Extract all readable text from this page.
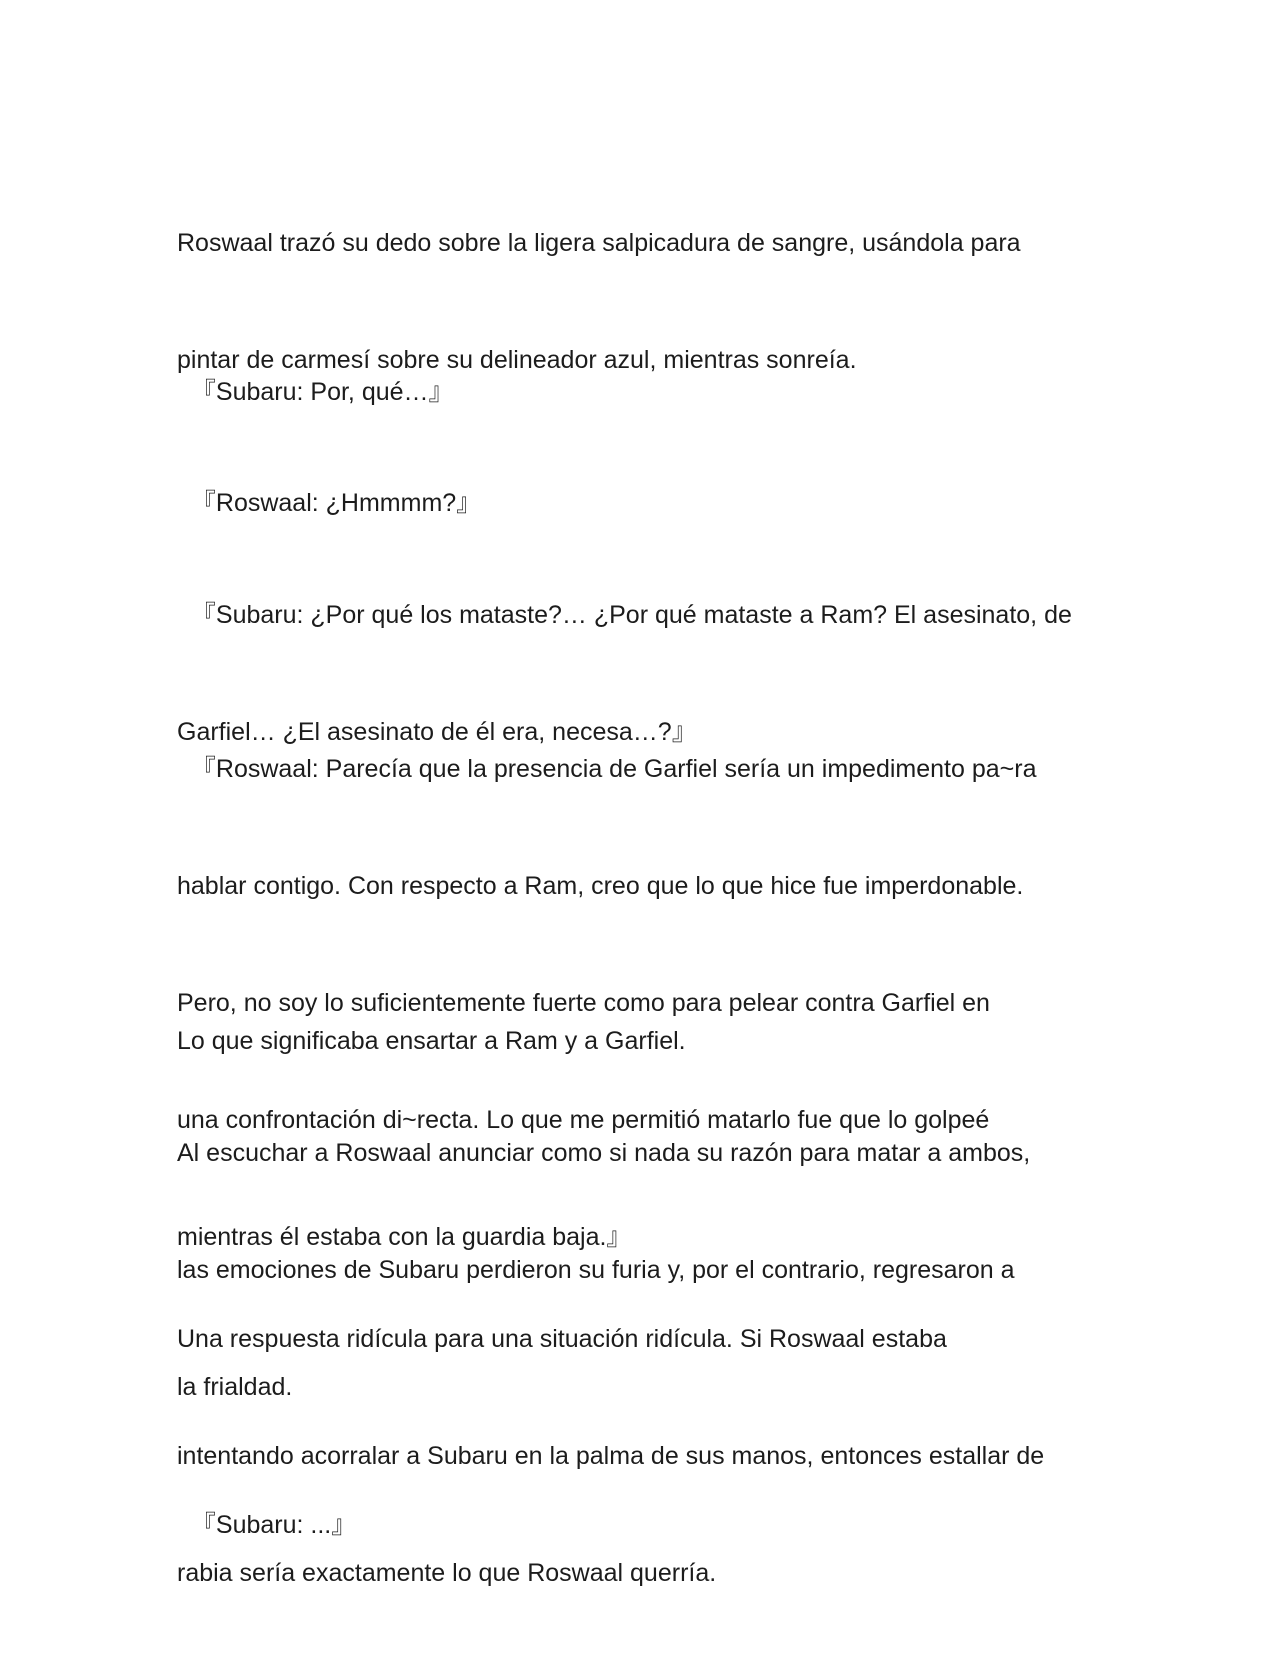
Roswaal trazó su dedo sobre la ligera salpicadura de sangre, usándola para

pintar de carmesí sobre su delineador azul, mientras sonreía.

『Subaru: Por, qué…』

『Roswaal: ¿Hmmmm?』

『Subaru: ¿Por qué los mataste?… ¿Por qué mataste a Ram? El asesinato, de

Garfiel… ¿El asesinato de él era, necesa…?』

『Roswaal: Parecía que la presencia de Garfiel sería un impedimento pa~ra

hablar contigo. Con respecto a Ram, creo que lo que hice fue imperdonable.

Pero, no soy lo suficientemente fuerte como para pelear contra Garfiel en

una confrontación di~recta. Lo que me permitió matarlo fue que lo golpeé

mientras él estaba con la guardia baja.』

Lo que significaba ensartar a Ram y a Garfiel.

Al escuchar a Roswaal anunciar como si nada su razón para matar a ambos,

las emociones de Subaru perdieron su furia y, por el contrario, regresaron a

la frialdad.

Una respuesta ridícula para una situación ridícula. Si Roswaal estaba

intentando acorralar a Subaru en la palma de sus manos, entonces estallar de

rabia sería exactamente lo que Roswaal querría.

『Subaru: ...』
